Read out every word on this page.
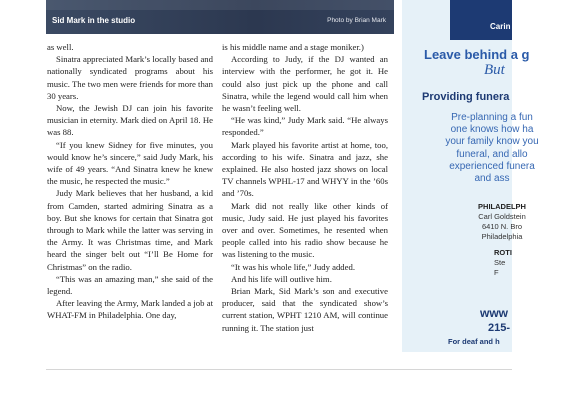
Sid Mark in the studio	Photo by Brian Mark

as well.

Sinatra appreciated Mark’s locally based and nationally syndicated programs about his music. The two men were friends for more than 30 years.

Now, the Jewish DJ can join his favorite musician in eternity. Mark died on April 18. He was 88.

“If you knew Sidney for five minutes, you would know he’s sincere,” said Judy Mark, his wife of 49 years. “And Sinatra knew he knew the music, he respected the music.”

Judy Mark believes that her husband, a kid from Camden, started admiring Sinatra as a boy. But she knows for certain that Sinatra got through to Mark while the latter was serving in the Army. It was Christmas time, and Mark heard the singer belt out “I’ll Be Home for Christmas” on the radio.

“This was an amazing man,” she said of the legend.

After leaving the Army, Mark landed a job at WHAT-FM in Philadelphia. One day,

is his middle name and a stage moniker.)

According to Judy, if the DJ wanted an interview with the performer, he got it. He could also just pick up the phone and call Sinatra, while the legend would call him when he wasn’t feeling well.

“He was kind,” Judy Mark said. “He always responded.”

Mark played his favorite artist at home, too, according to his wife. Sinatra and jazz, she explained. He also hosted jazz shows on local TV channels WPHL-17 and WHYY in the ’60s and ’70s.

Mark did not really like other kinds of music, Judy said. He just played his favorites over and over. Sometimes, he resented when people called into his radio show because he was listening to the music.

“It was his whole life,” Judy added.

And his life will outlive him.

Brian Mark, Sid Mark’s son and executive producer, said that the syndicated show’s current station, WPHT 1210 AM, will continue running it. The station just

Carin
Leave behind a g
But
Providing funera
Pre-planning a fun
one knows how ha
your family know you
funeral, and allo
experienced funera
and ass
PHILADELPH
Carl Goldstein
6410 N. Bro
Philadelphia
ROTI
Ste
F
www
215-
For deaf and h
